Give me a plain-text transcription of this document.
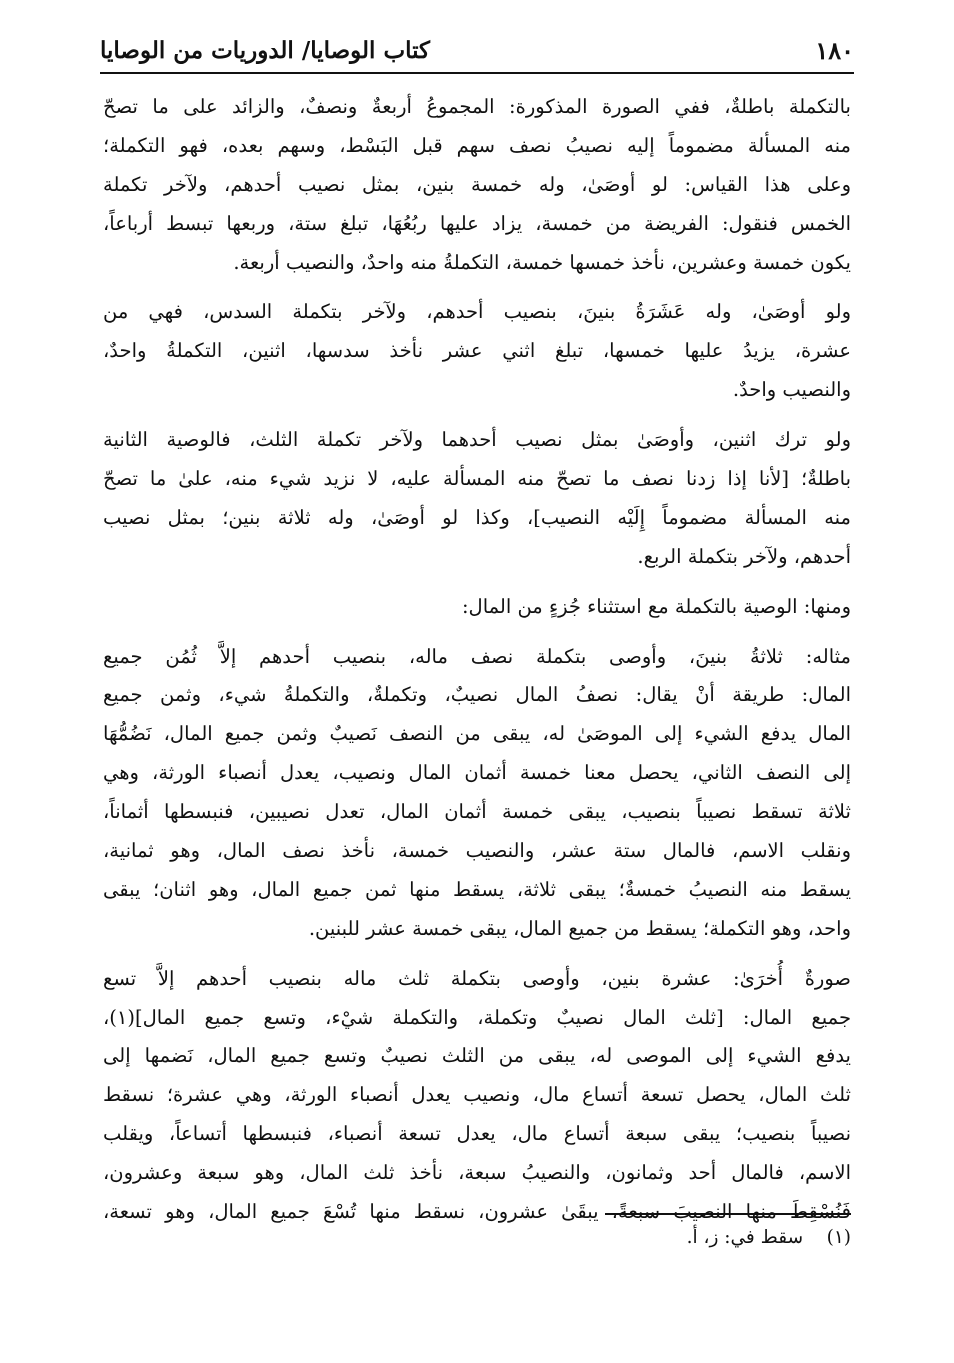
كتاب الوصايا/ الدوريات من الوصايا	١٨٠
بالتكملة باطلةٌ، ففي الصورة المذكورة: المجموعُ أربعةٌ ونصفٌ، والزائد على ما تصحّ
منه المسألة مضموماً إليه نصيبُ نصف سهم قبل البَسْط، وسهم بعده، فهو التكملة؛
وعلى هذا القياس: لو أوصَىٰ، وله خمسة بنين، بمثل نصيب أحدهم، ولآخر تكملة
الخمس فنقول: الفريضة من خمسة، يزاد عليها ربُعُهَا، تبلغ ستة، وربعها تبسط أرباعاً،
يكون خمسة وعشرين، نأخذ خمسها خمسة، التكملةُ منه واحدٌ، والنصيب أربعة.
ولو أوصَىٰ، وله عَشَرَةُ بنينَ، بنصيب أحدهم، ولآخر بتكملة السدس، فهي من
عشرة، يزيدُ عليها خمسها، تبلغ اثني عشر نأخذ سدسها، اثنين، التكملةُ واحدٌ،
والنصيب واحدٌ.
ولو ترك اثنين، وأوصَىٰ بمثل نصيب أحدهما ولآخر تكملة الثلث، فالوصية الثانية
باطلةٌ؛ [لأنا إذا زدنا نصف ما تصحّ منه المسألة عليه، لا نزيد شيء منه، علىٰ ما تصحّ
منه المسألة مضموماً إِلَيْه النصيب]، وكذا لو أوصَىٰ، وله ثلاثة بنين؛ بمثل نصيب
أحدهم، ولآخر بتكملة الربع.
ومنها: الوصية بالتكملة مع استثناء جُزءٍ من المال:
مثاله: ثلاثةُ بنينَ، وأوصى بتكملة نصف ماله، بنصيب أحدهم إلاَّ ثُمُن جميع
المال: طريقة أنْ يقال: نصفُ المال نصيبٌ، وتكملةٌ، والتكملةُ شيء، وثمن جميع
المال يدفع الشيء إلى الموصَىٰ له، يبقى من النصف نَصيبٌ وثمن جميع المال، نَضُمُّهَا
إلى النصف الثاني، يحصل معنا خمسة أثمان المال ونصيب، يعدل أنصباء الورثة، وهي
ثلاثة تسقط نصيباً بنصيب، يبقى خمسة أثمان المال، تعدل نصيبين، فنبسطها أثماناً،
ونقلب الاسم، فالمال ستة عشر، والنصيب خمسة، نأخذ نصف المال، وهو ثمانية،
يسقط منه النصيبُ خمسةٌ؛ يبقى ثلاثة، يسقط منها ثمن جميع المال، وهو اثنان؛ يبقى
واحد، وهو التكملة؛ يسقط من جميع المال، يبقى خمسة عشر للبنين.
صورةٌ أُخرَىٰ: عشرة بنين، وأوصى بتكملة ثلث ماله بنصيب أحدهم إلاَّ تسع
جميع المال: [ثلث المال نصيبٌ وتكملة، والتكملة شيْء، وتسع جميع المال](١)،
يدفع الشيء إلى الموصى له، يبقى من الثلث نصيبٌ وتسع جميع المال، نَضمها إلى
ثلث المال، يحصل تسعة أتساع مال، ونصيب يعدل أنصباء الورثة، وهي عشرة؛ نسقط
نصيباً بنصيب؛ يبقى سبعة أتساع مال، يعدل تسعة أنصباء، فنبسطها أتساعاً، ويقلب
الاسم، فالمال أحد وثمانون، والنصيبُ سبعة، نأخذ ثلث المال، وهو سبعة وعشرون،
فَنُسْقِطَ منها النصيبَ سبعةً، يبقَىٰ عشرون، نسقط منها تُسْعَ جميع المال، وهو تسعة،
(١)    سقط في: ز، أ.
